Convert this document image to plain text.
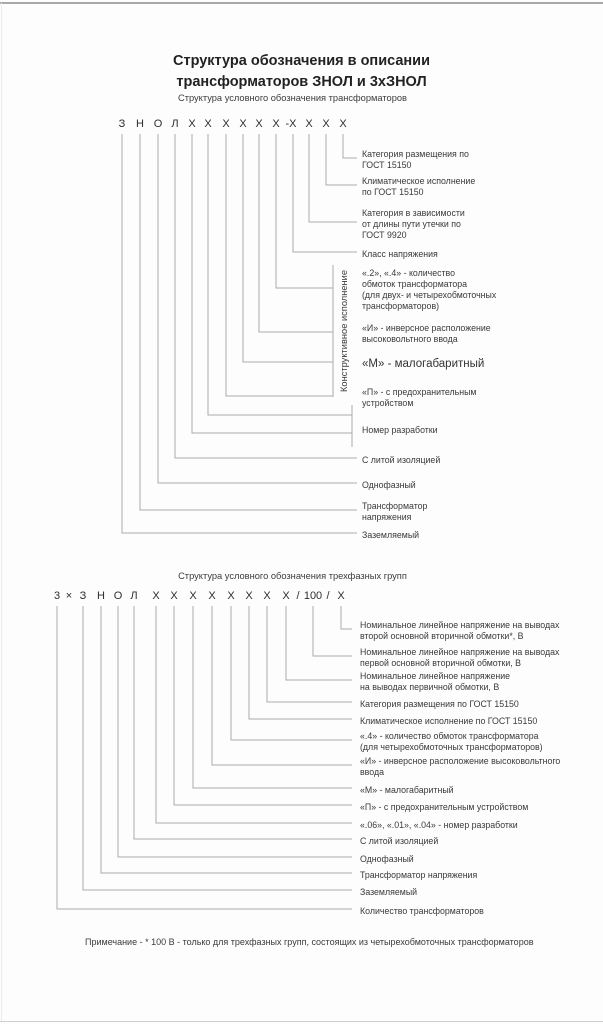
Структура обозначения в описании
трансформаторов ЗНОЛ и 3хЗНОЛ
Структура условного обозначения трансформаторов
З Н О Л Х Х Х Х Х Х -Х Х Х Х
Категория размещения по
ГОСТ 15150
Климатическое исполнение
по ГОСТ 15150
Категория в зависимости
от длины пути утечки по
ГОСТ 9920
Класс напряжения
«.2», «.4» - количество
обмоток трансформатора
(для двух- и четырехобмоточных
трансформаторов)
«И» - инверсное расположение
высоковольтного ввода
«М» - малогабаритный
«П» - с предохранительным
устройством
Номер разработки
С литой изоляцией
Однофазный
Трансформатор
напряжения
Заземляемый
Конструктивное исполнение
Структура условного обозначения трехфазных групп
3 × З Н О Л Х Х Х Х Х Х Х Х / 100 / Х
Номинальное линейное напряжение на выводах
второй основной вторичной обмотки*, В
Номинальное линейное напряжение на выводах
первой основной вторичной обмотки, В
Номинальное линейное напряжение
на выводах первичной обмотки, В
Категория размещения по ГОСТ 15150
Климатическое исполнение по ГОСТ 15150
«.4» - количество обмоток трансформатора
(для четырехобмоточных трансформаторов)
«И» - инверсное расположение высоковольтного
ввода
«М» - малогабаритный
«П» - с предохранительным устройством
«.06», «.01», «.04» - номер разработки
С литой изоляцией
Однофазный
Трансформатор напряжения
Заземляемый
Количество трансформаторов
Примечание - * 100 В - только для трехфазных групп, состоящих из четырехобмоточных трансформаторов
